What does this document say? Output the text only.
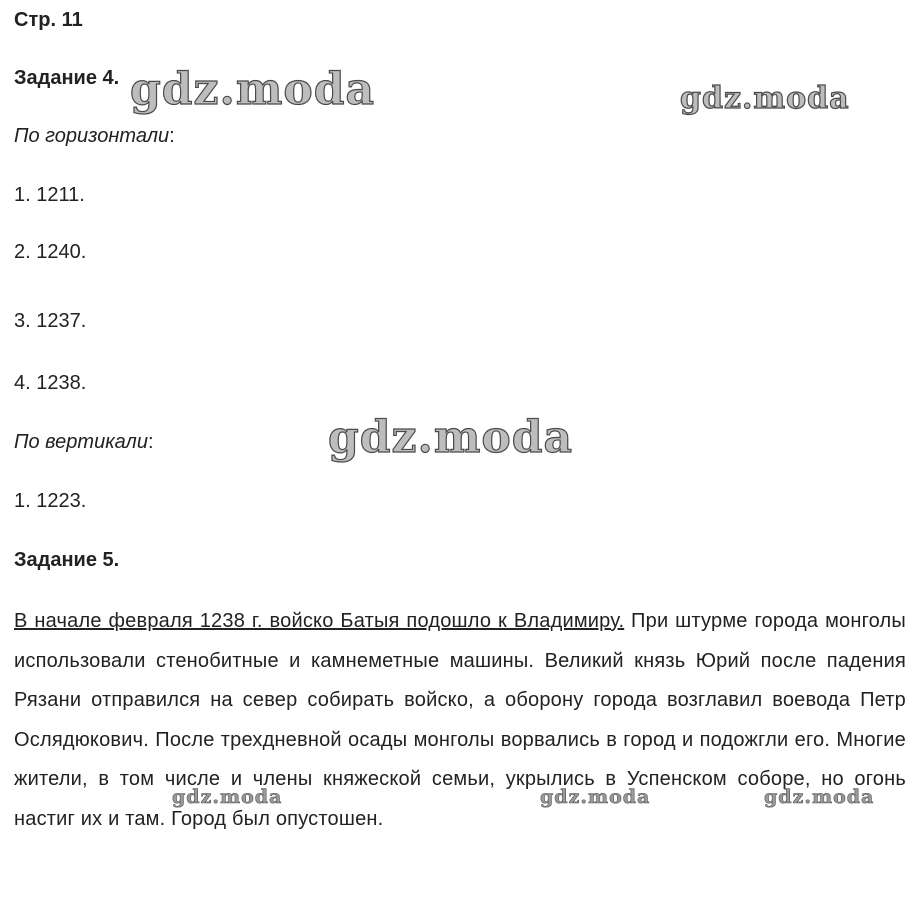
Стр. 11
Задание 4.
По горизонтали:
1. 1211.
2. 1240.
3. 1237.
4. 1238.
По вертикали:
1. 1223.
Задание 5.
В начале февраля 1238 г. войско Батыя подошло к Владимиру. При штурме города монголы использовали стенобитные и камнеметные машины. Великий князь Юрий после падения Рязани отправился на север собирать войско, а оборону города возглавил воевода Петр Ослядюкович. После трехдневной осады монголы ворвались в город и подожгли его. Многие жители, в том числе и члены княжеской семьи, укрылись в Успенском соборе, но огонь настиг их и там. Город был опустошен.
gdz.moda	gdz.moda
gdz.moda
gdz.moda	gdz.moda	gdz.moda
